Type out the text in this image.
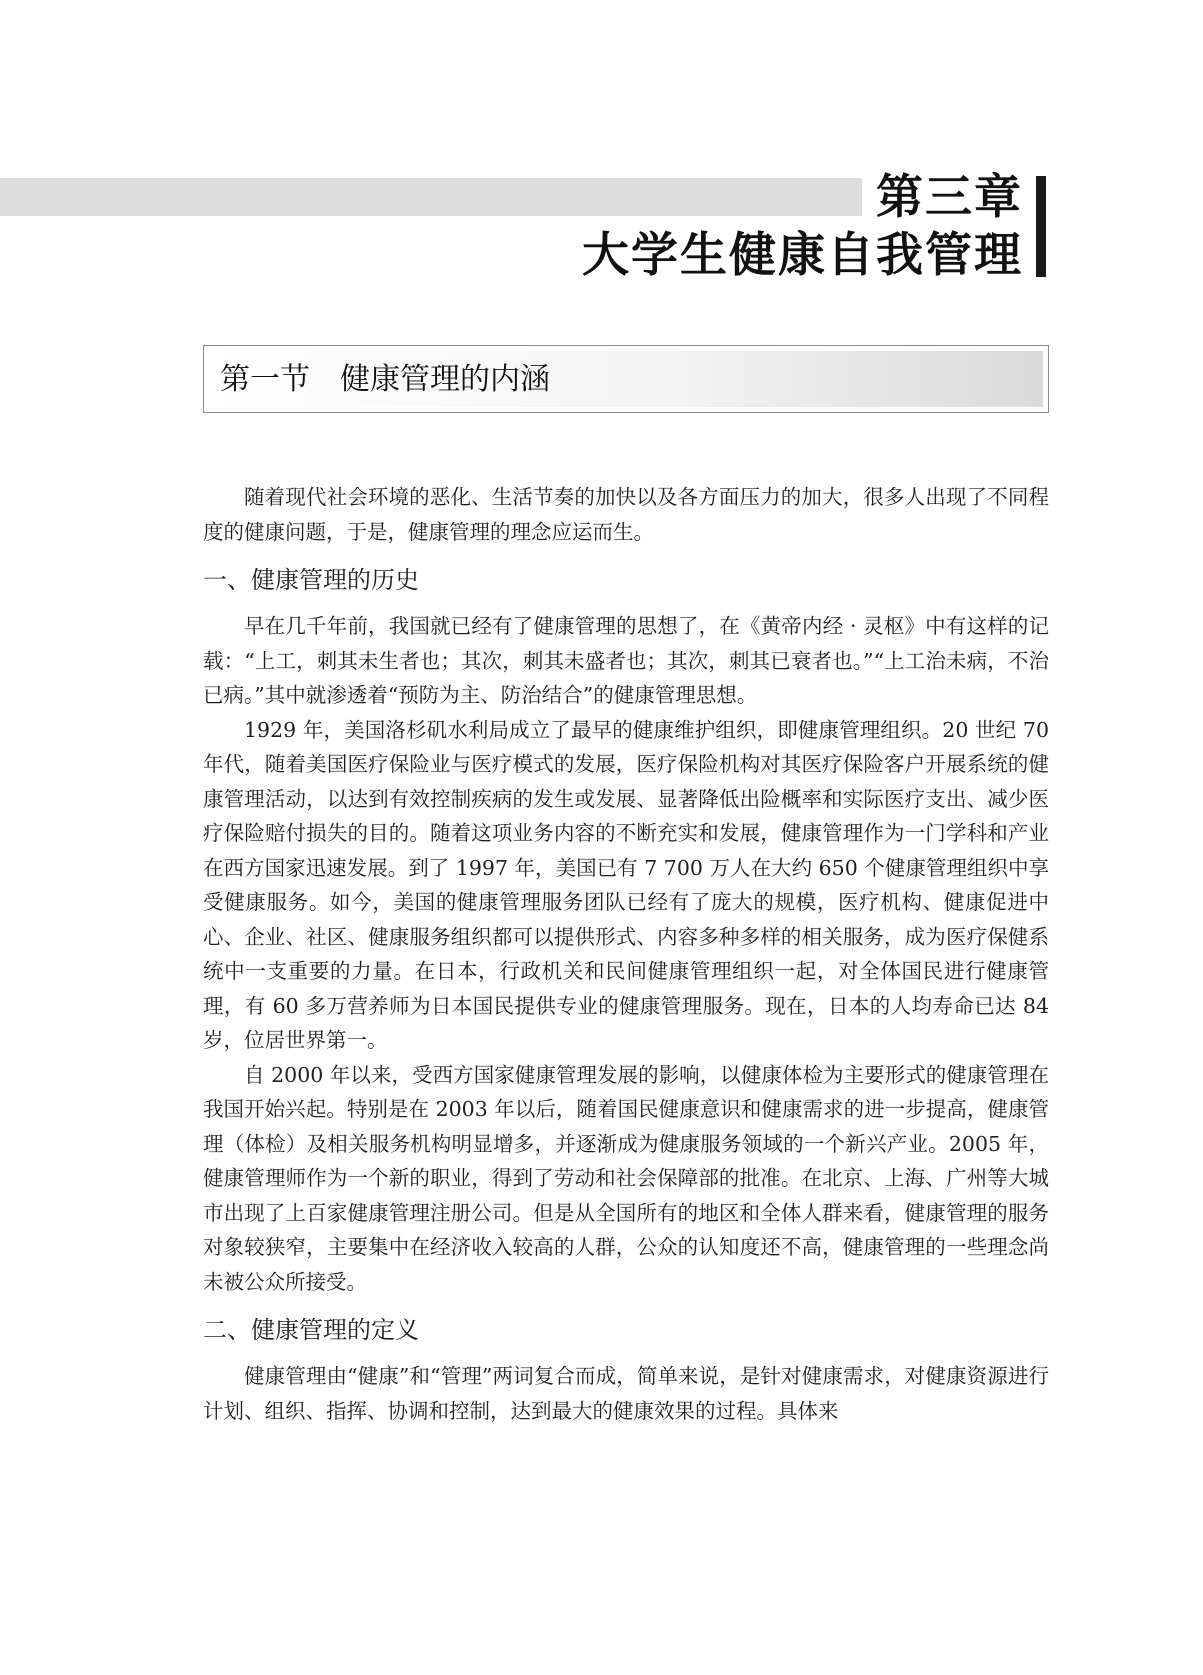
第三章
大学生健康自我管理
第一节　健康管理的内涵

随着现代社会环境的恶化、生活节奏的加快以及各方面压力的加大，很多人出现了不同程度的健康问题，于是，健康管理的理念应运而生。

一、健康管理的历史

早在几千年前，我国就已经有了健康管理的思想了，在《黄帝内经 · 灵枢》中有这样的记载：“上工，刺其未生者也；其次，刺其未盛者也；其次，刺其已衰者也。”“上工治未病，不治已病。”其中就渗透着“预防为主、防治结合”的健康管理思想。

1929 年，美国洛杉矶水利局成立了最早的健康维护组织，即健康管理组织。20 世纪 70 年代，随着美国医疗保险业与医疗模式的发展，医疗保险机构对其医疗保险客户开展系统的健康管理活动，以达到有效控制疾病的发生或发展、显著降低出险概率和实际医疗支出、减少医疗保险赔付损失的目的。随着这项业务内容的不断充实和发展，健康管理作为一门学科和产业在西方国家迅速发展。到了 1997 年，美国已有 7 700 万人在大约 650 个健康管理组织中享受健康服务。如今，美国的健康管理服务团队已经有了庞大的规模，医疗机构、健康促进中心、企业、社区、健康服务组织都可以提供形式、内容多种多样的相关服务，成为医疗保健系统中一支重要的力量。在日本，行政机关和民间健康管理组织一起，对全体国民进行健康管理，有 60 多万营养师为日本国民提供专业的健康管理服务。现在，日本的人均寿命已达 84 岁，位居世界第一。

自 2000 年以来，受西方国家健康管理发展的影响，以健康体检为主要形式的健康管理在我国开始兴起。特别是在 2003 年以后，随着国民健康意识和健康需求的进一步提高，健康管理（体检）及相关服务机构明显增多，并逐渐成为健康服务领域的一个新兴产业。2005 年，健康管理师作为一个新的职业，得到了劳动和社会保障部的批准。在北京、上海、广州等大城市出现了上百家健康管理注册公司。但是从全国所有的地区和全体人群来看，健康管理的服务对象较狭窄，主要集中在经济收入较高的人群，公众的认知度还不高，健康管理的一些理念尚未被公众所接受。

二、健康管理的定义

健康管理由“健康”和“管理”两词复合而成，简单来说，是针对健康需求，对健康资源进行计划、组织、指挥、协调和控制，达到最大的健康效果的过程。具体来
